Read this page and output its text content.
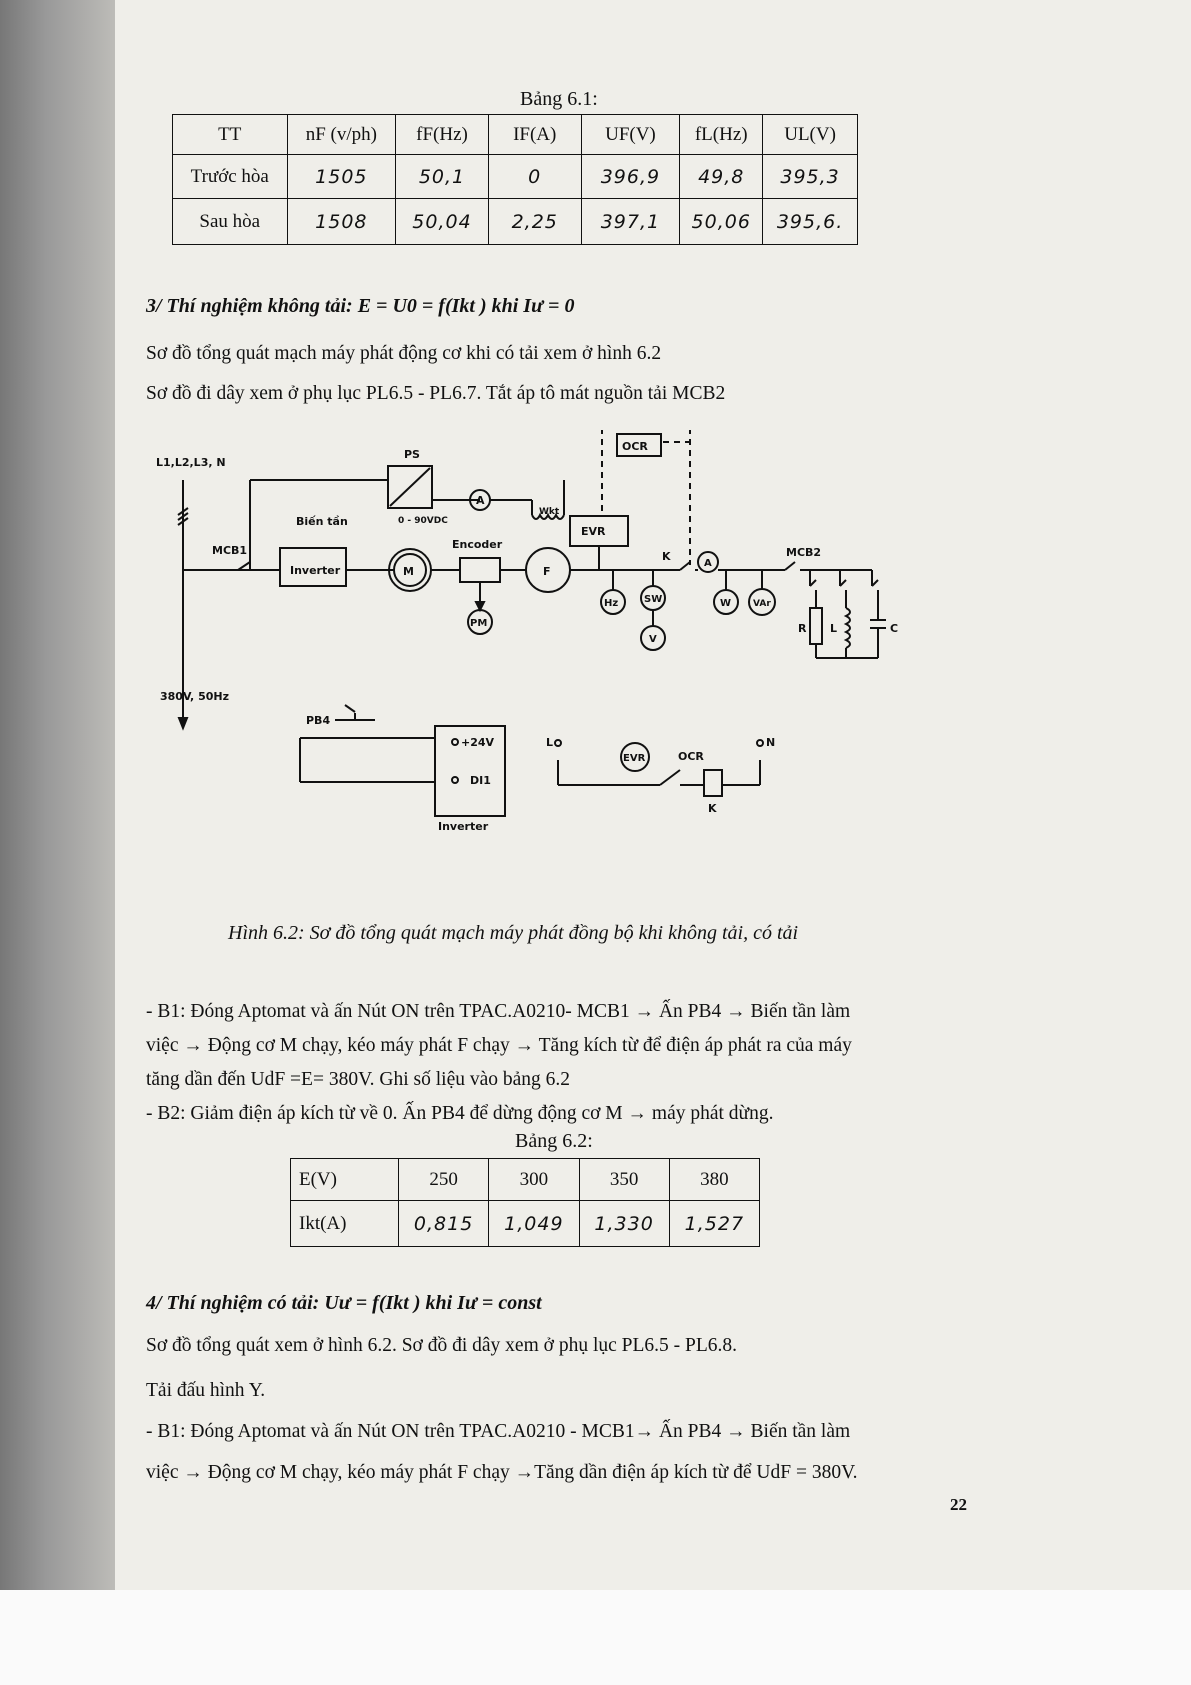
Bảng 6.1:
TT	nF (v/ph)	fF(Hz)	IF(A)	UF(V)	fL(Hz)	UL(V)
Trước hòa	1505	50,1	0	396,9	49,8	395,3
Sau hòa	1508	50,04	2,25	397,1	50,06	395,6.
3/ Thí nghiệm không tải: E = U0 = f(Ikt ) khi Iư = 0
Sơ đồ tổng quát mạch máy phát động cơ khi có tải xem ở hình 6.2
Sơ đồ đi dây xem ở phụ lục PL6.5 - PL6.7. Tắt áp tô mát nguồn tải MCB2
L1,L2,L3, N
380V, 50Hz
MCB1
Biến tần
Inverter	M
PS
0 - 90VDC
A
Wkt
Encoder
PM
F
EVR
OCR
K
Hz	SW
V
A
W VAr
MCB2
R L	C
PB4
+24V
DI1
Inverter
L	N
EVR	OCR
K
Hình 6.2: Sơ đồ tổng quát mạch máy phát đồng bộ khi không tải, có tải
- B1: Đóng Aptomat và ấn Nút ON trên TPAC.A0210- MCB1 → Ấn PB4 → Biến tần làm
việc → Động cơ M chạy, kéo máy phát F chạy → Tăng kích từ để điện áp phát ra của máy
tăng dần đến UdF =E= 380V. Ghi số liệu vào bảng 6.2
- B2: Giảm điện áp kích từ về 0. Ấn PB4 để dừng động cơ M → máy phát dừng.
Bảng 6.2:
E(V)	250	300	350	380
Ikt(A)	0,815	1,049	1,330	1,527
4/ Thí nghiệm có tải: Uư = f(Ikt ) khi Iư = const
Sơ đồ tổng quát xem ở hình 6.2. Sơ đồ đi dây xem ở phụ lục PL6.5 - PL6.8.
Tải đấu hình Y.
- B1: Đóng Aptomat và ấn Nút ON trên TPAC.A0210 - MCB1→ Ấn PB4 → Biến tần làm
việc → Động cơ M chạy, kéo máy phát F chạy →Tăng dần điện áp kích từ để UdF = 380V.
22
